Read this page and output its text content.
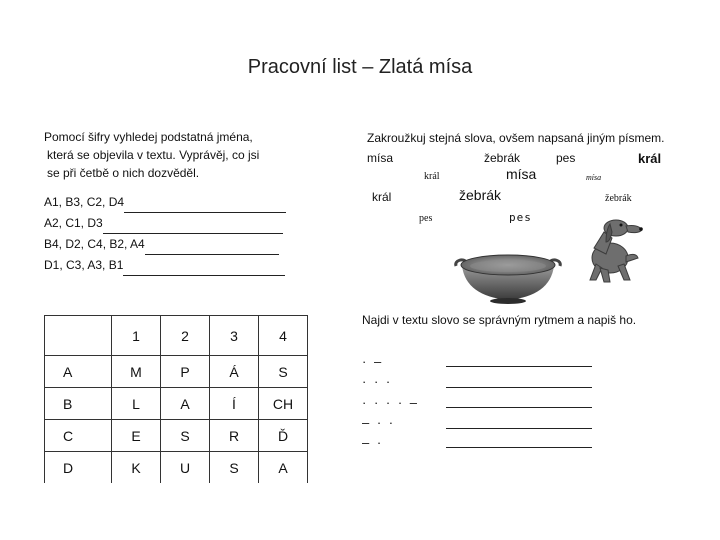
Pracovní list – Zlatá mísa
Pomocí šifry vyhledej podstatná jména,
která se objevila v textu. Vyprávěj, co jsi
se při četbě o nich dozvěděl.
A1, B3, C2, D4
A2, C1, D3
B4, D2, C4, B2, A4
D1, C3, A3, B1
	1	2	3	4
A	M	P	Á	S
B	L	A	Í	CH
C	E	S	R	Ď
D	K	U	S	A
Zakroužkuj stejná slova, ovšem napsaná jiným písmem.
mísa	žebrák	pes	král
král	mísa	mísa
král	žebrák	žebrák
pes	pes
Najdi v textu slovo se správným rytmem a napiš ho.
· –
· · ·
· · · · –
– · ·
– ·
